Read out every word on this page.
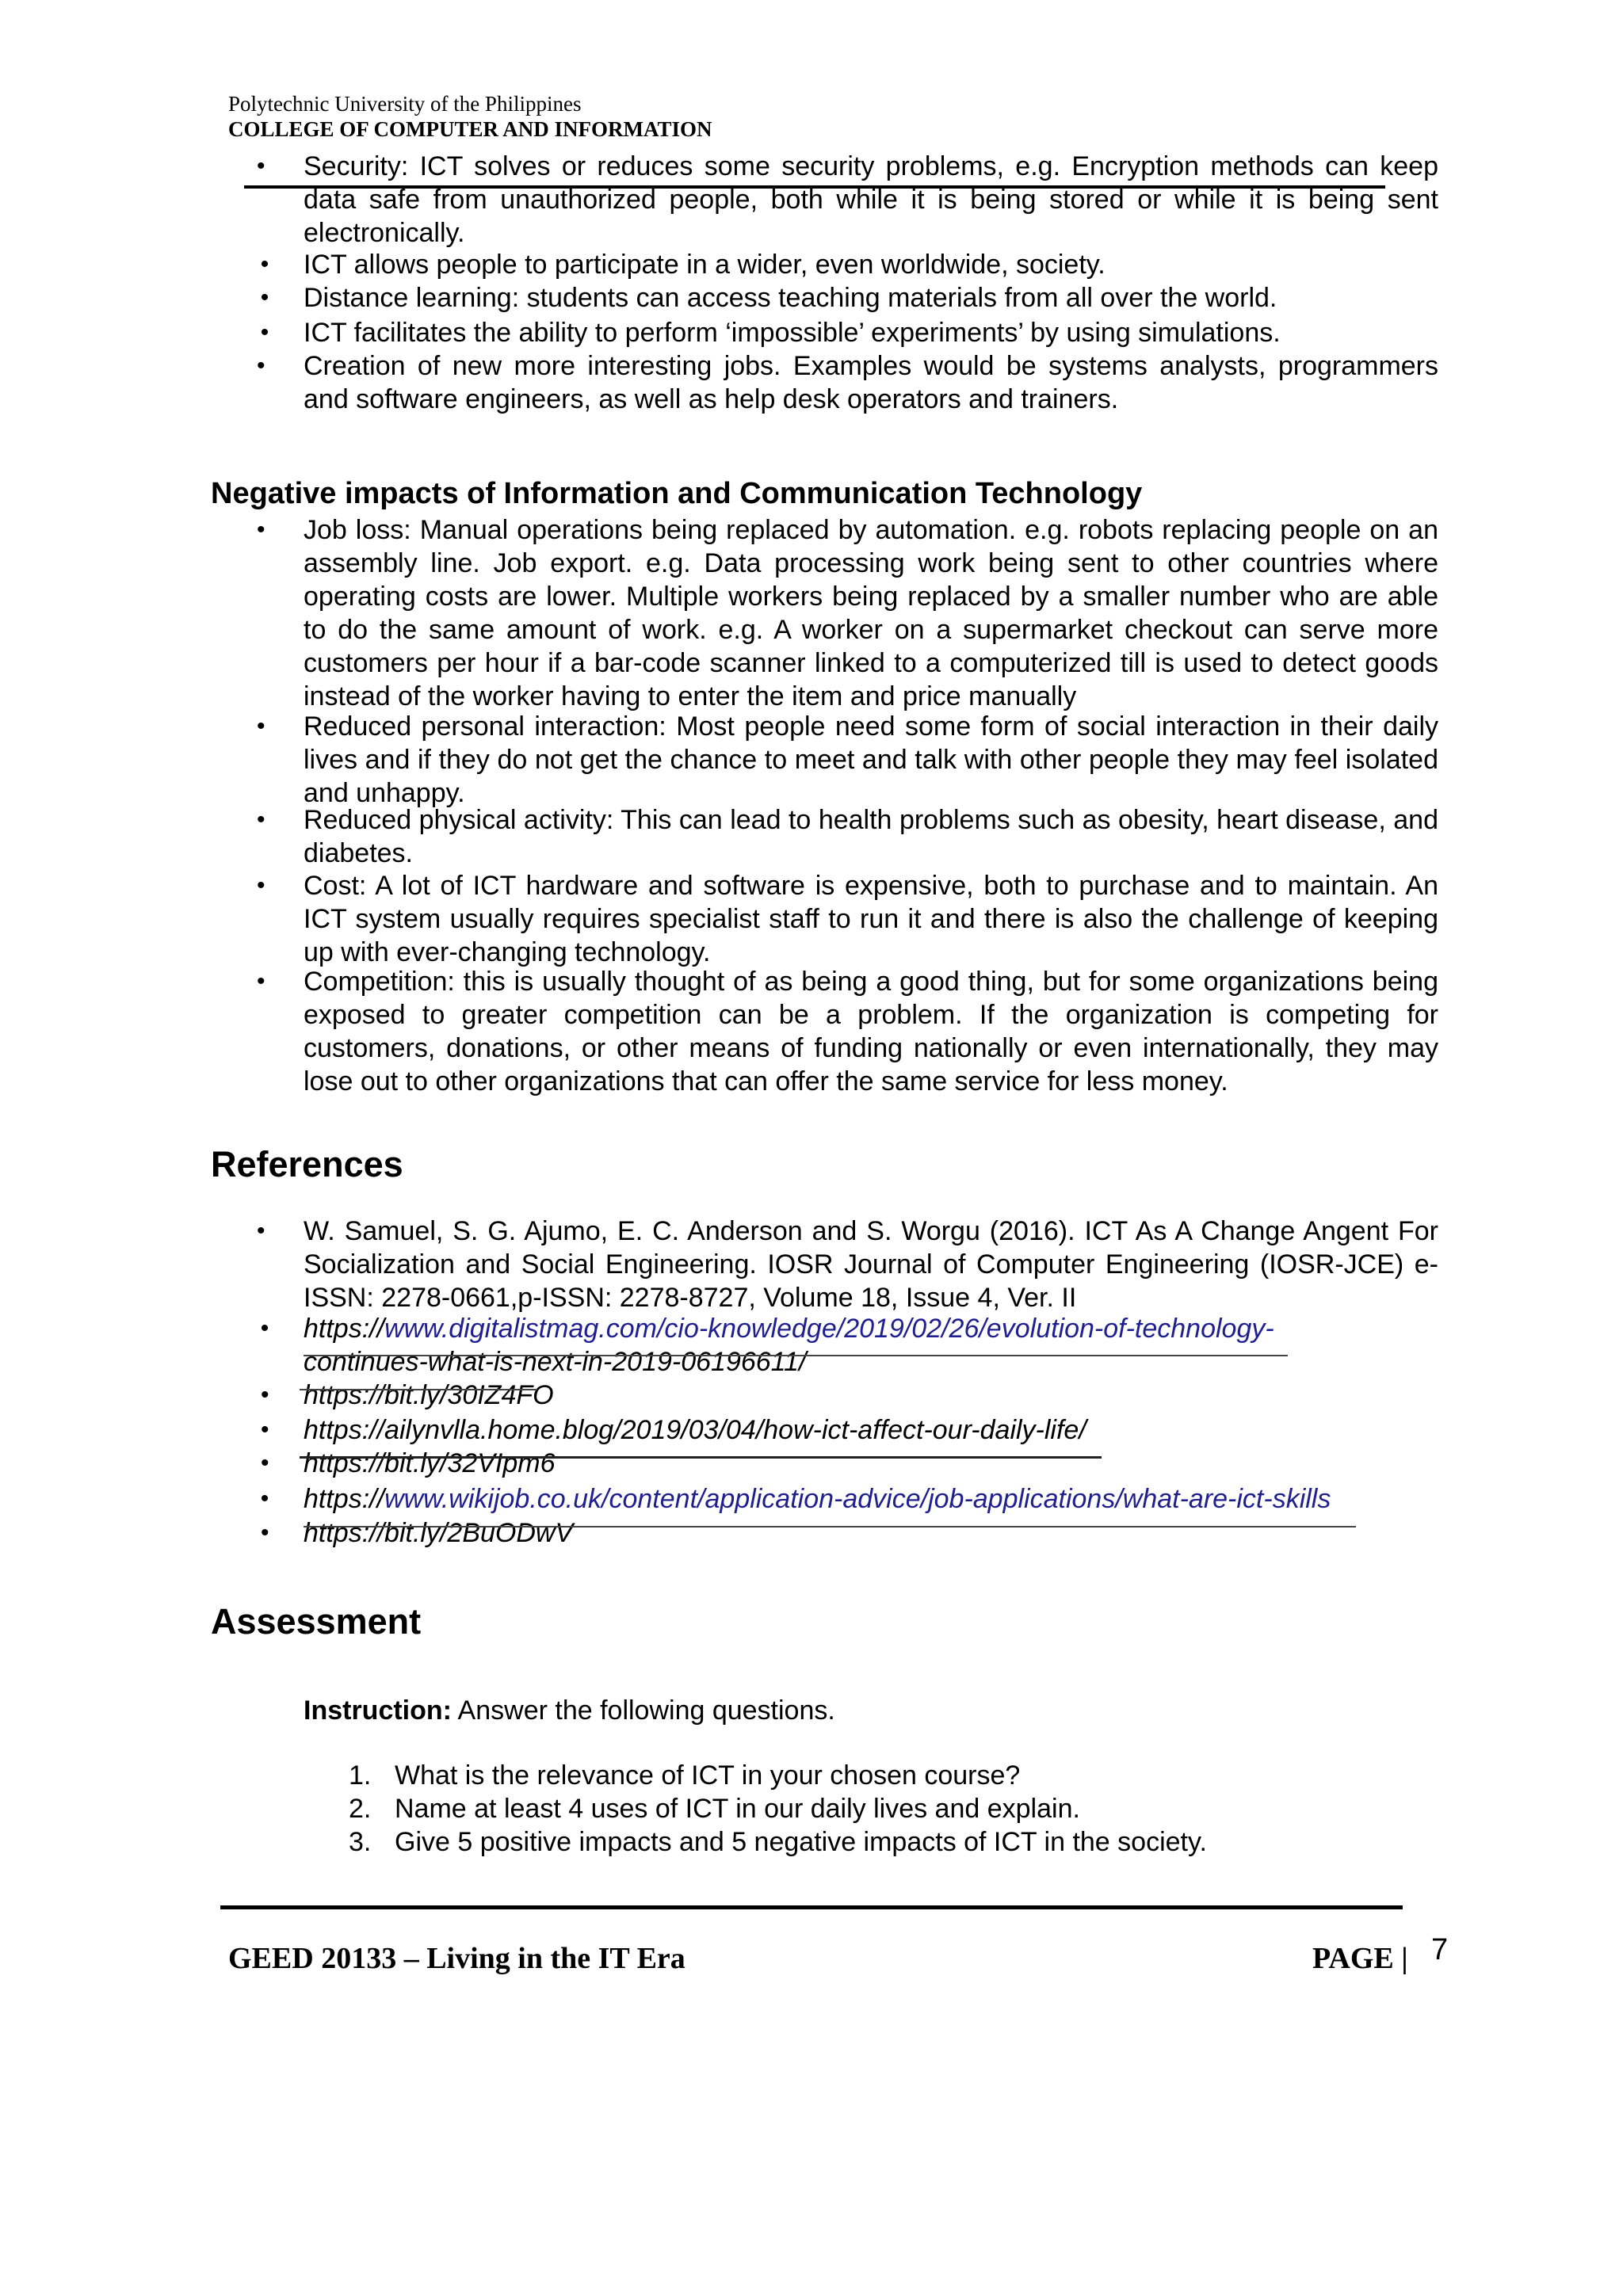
Polytechnic University of the Philippines
COLLEGE OF COMPUTER AND INFORMATION
• Security: ICT solves or reduces some security problems, e.g. Encryption methods can keep data safe from unauthorized people, both while it is being stored or while it is being sent electronically.
• ICT allows people to participate in a wider, even worldwide, society.
• Distance learning: students can access teaching materials from all over the world.
• ICT facilitates the ability to perform ‘impossible’ experiments’ by using simulations.
• Creation of new more interesting jobs. Examples would be systems analysts, programmers and software engineers, as well as help desk operators and trainers.
Negative impacts of Information and Communication Technology
• Job loss: Manual operations being replaced by automation. e.g. robots replacing people on an assembly line. Job export. e.g. Data processing work being sent to other countries where operating costs are lower. Multiple workers being replaced by a smaller number who are able to do the same amount of work. e.g. A worker on a supermarket checkout can serve more customers per hour if a bar-code scanner linked to a computerized till is used to detect goods instead of the worker having to enter the item and price manually
• Reduced personal interaction: Most people need some form of social interaction in their daily lives and if they do not get the chance to meet and talk with other people they may feel isolated and unhappy.
• Reduced physical activity: This can lead to health problems such as obesity, heart disease, and diabetes.
• Cost: A lot of ICT hardware and software is expensive, both to purchase and to maintain. An ICT system usually requires specialist staff to run it and there is also the challenge of keeping up with ever-changing technology.
• Competition: this is usually thought of as being a good thing, but for some organizations being exposed to greater competition can be a problem. If the organization is competing for customers, donations, or other means of funding nationally or even internationally, they may lose out to other organizations that can offer the same service for less money.
References
• W. Samuel, S. G. Ajumo, E. C. Anderson and S. Worgu (2016). ICT As A Change Angent For Socialization and Social Engineering. IOSR Journal of Computer Engineering (IOSR-JCE) e-ISSN: 2278-0661,p-ISSN: 2278-8727, Volume 18, Issue 4, Ver. II
• https://www.digitalistmag.com/cio-knowledge/2019/02/26/evolution-of-technology-
continues-what-is-next-in-2019-06196611/
• https://bit.ly/30IZ4FO
• https://ailynvlla.home.blog/2019/03/04/how-ict-affect-our-daily-life/
• https://bit.ly/32VIpm6
• https://www.wikijob.co.uk/content/application-advice/job-applications/what-are-ict-skills
• https://bit.ly/2BuODwV
Assessment
Instruction: Answer the following questions.
1. What is the relevance of ICT in your chosen course?
2. Name at least 4 uses of ICT in our daily lives and explain.
3. Give 5 positive impacts and 5 negative impacts of ICT in the society.
GEED 20133 – Living in the IT Era	PAGE | 7
